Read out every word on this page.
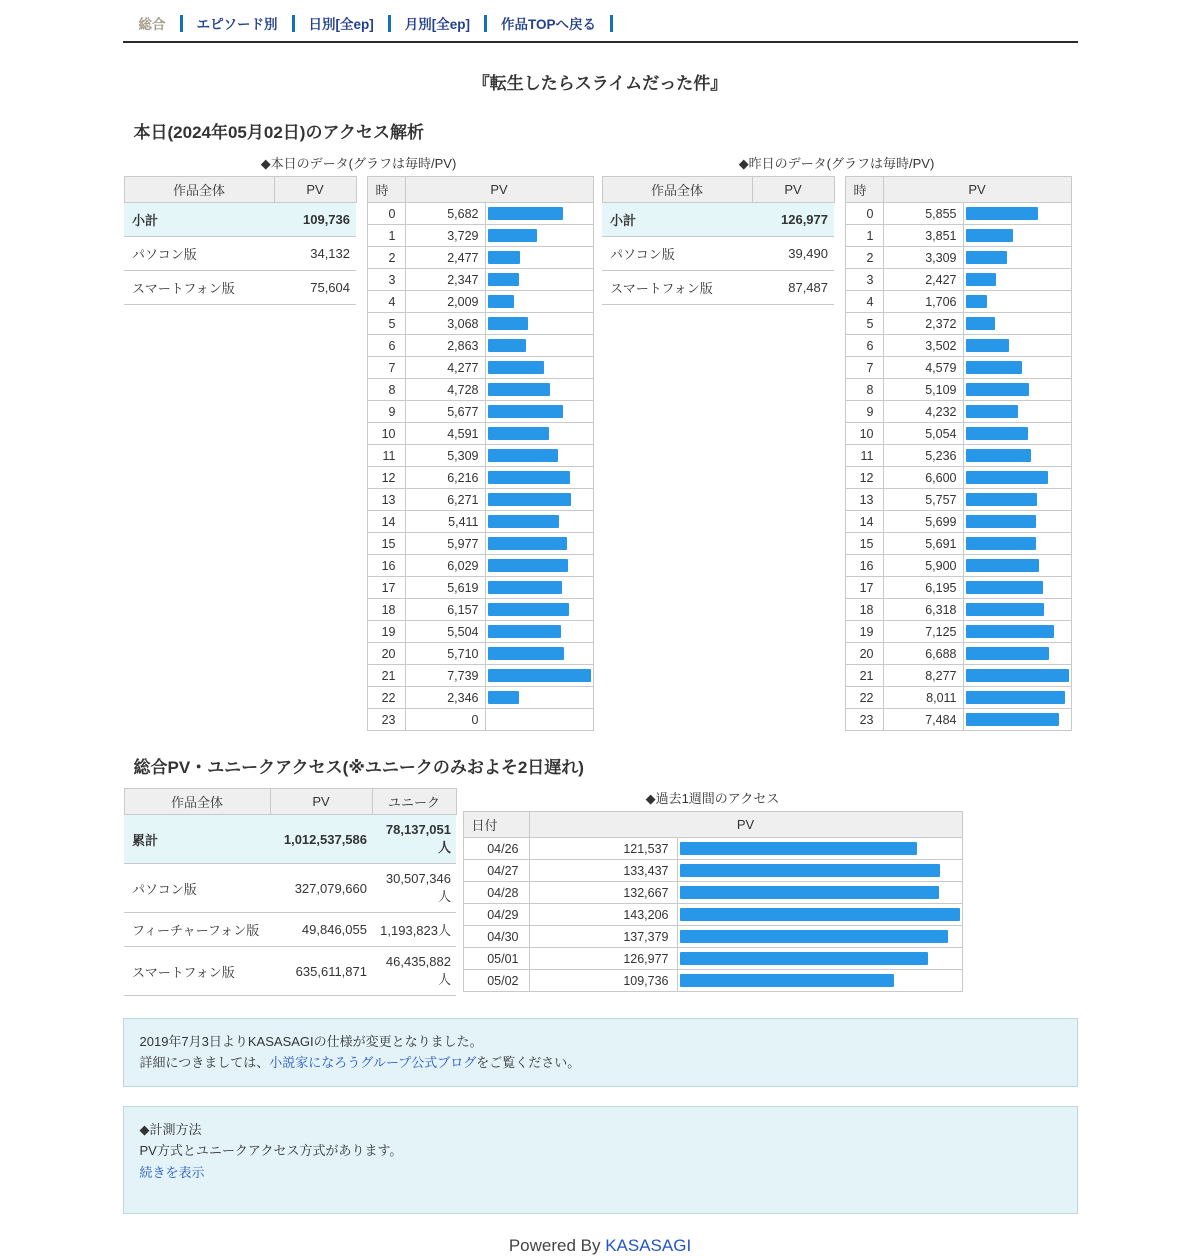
総合	エピソード別	日別[全ep]	月別[全ep]	作品TOPへ戻る
『転生したらスライムだった件』
本日(2024年05月02日)のアクセス解析
◆本日のデータ(グラフは毎時/PV)
作品全体	PV
小計	109,736
パソコン版	34,132
スマートフォン版	75,604
時	PV	
0	5,682	

1	3,729	

2	2,477	

3	2,347	

4	2,009	

5	3,068	

6	2,863	

7	4,277	

8	4,728	

9	5,677	

10	4,591	

11	5,309	

12	6,216	

13	6,271	

14	5,411	

15	5,977	

16	6,029	

17	5,619	

18	6,157	

19	5,504	

20	5,710	

21	7,739	

22	2,346	

23	0	
◆昨日のデータ(グラフは毎時/PV)
作品全体	PV
小計	126,977
パソコン版	39,490
スマートフォン版	87,487
時	PV	
0	5,855	

1	3,851	

2	3,309	

3	2,427	

4	1,706	

5	2,372	

6	3,502	

7	4,579	

8	5,109	

9	4,232	

10	5,054	

11	5,236	

12	6,600	

13	5,757	

14	5,699	

15	5,691	

16	5,900	

17	6,195	

18	6,318	

19	7,125	

20	6,688	

21	8,277	

22	8,011	

23	7,484	
総合PV・ユニークアクセス(※ユニークのみおよそ2日遅れ)
作品全体	PV	ユニーク
累計	1,012,537,586	78,137,051人
パソコン版	327,079,660	30,507,346人
フィーチャーフォン版	49,846,055	1,193,823人
スマートフォン版	635,611,871	46,435,882人
◆過去1週間のアクセス
日付	PV	
04/26	121,537	

04/27	133,437	

04/28	132,667	

04/29	143,206	

04/30	137,379	

05/01	126,977	

05/02	109,736	
2019年7月3日よりKASASAGIの仕様が変更となりました。
詳細につきましては、小説家になろうグループ公式ブログをご覧ください。
◆計測方法
PV方式とユニークアクセス方式があります。
続きを表示
Powered By KASASAGI
